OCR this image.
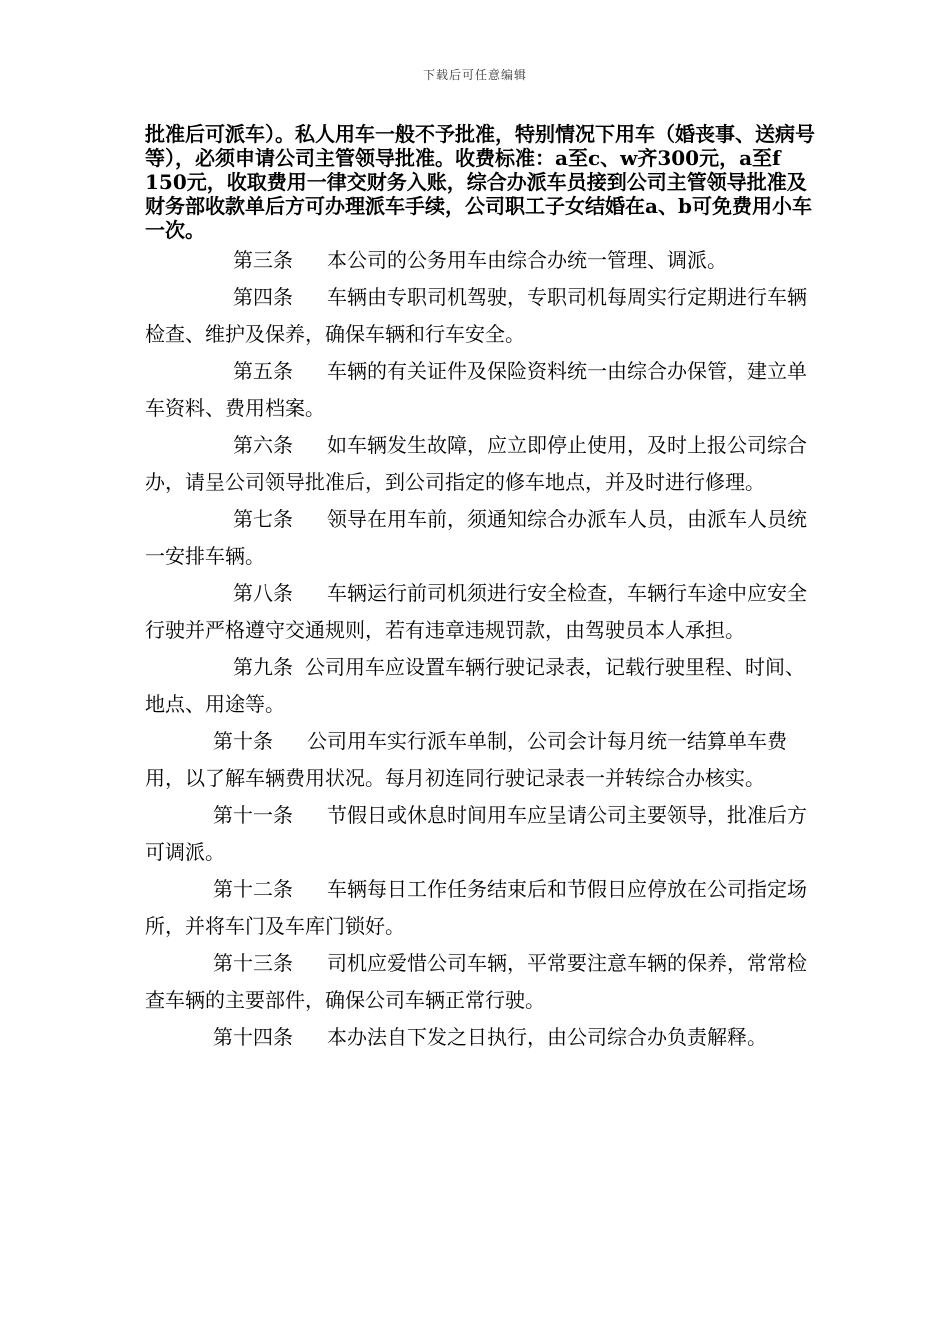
下载后可任意编辑

批准后可派车）。私人用车一般不予批准，特别情况下用车（婚丧事、送病号等），必须申请公司主管领导批准。收费标准：a至c、w齐300元，a至f 150元，收取费用一律交财务入账，综合办派车员接到公司主管领导批准及财务部收款单后方可办理派车手续，公司职工子女结婚在a、b可免费用小车一次。

第三条 本公司的公务用车由综合办统一管理、调派。

第四条 车辆由专职司机驾驶，专职司机每周实行定期进行车辆检查、维护及保养，确保车辆和行车安全。

第五条 车辆的有关证件及保险资料统一由综合办保管，建立单车资料、费用档案。

第六条 如车辆发生故障，应立即停止使用，及时上报公司综合办，请呈公司领导批准后，到公司指定的修车地点，并及时进行修理。

第七条 领导在用车前，须通知综合办派车人员，由派车人员统一安排车辆。

第八条 车辆运行前司机须进行安全检查，车辆行车途中应安全行驶并严格遵守交通规则，若有违章违规罚款，由驾驶员本人承担。

第九条 公司用车应设置车辆行驶记录表，记载行驶里程、时间、地点、用途等。

第十条 公司用车实行派车单制，公司会计每月统一结算单车费用，以了解车辆费用状况。每月初连同行驶记录表一并转综合办核实。

第十一条 节假日或休息时间用车应呈请公司主要领导，批准后方可调派。

第十二条 车辆每日工作任务结束后和节假日应停放在公司指定场所，并将车门及车库门锁好。

第十三条 司机应爱惜公司车辆，平常要注意车辆的保养，常常检查车辆的主要部件，确保公司车辆正常行驶。

第十四条 本办法自下发之日执行，由公司综合办负责解释。
